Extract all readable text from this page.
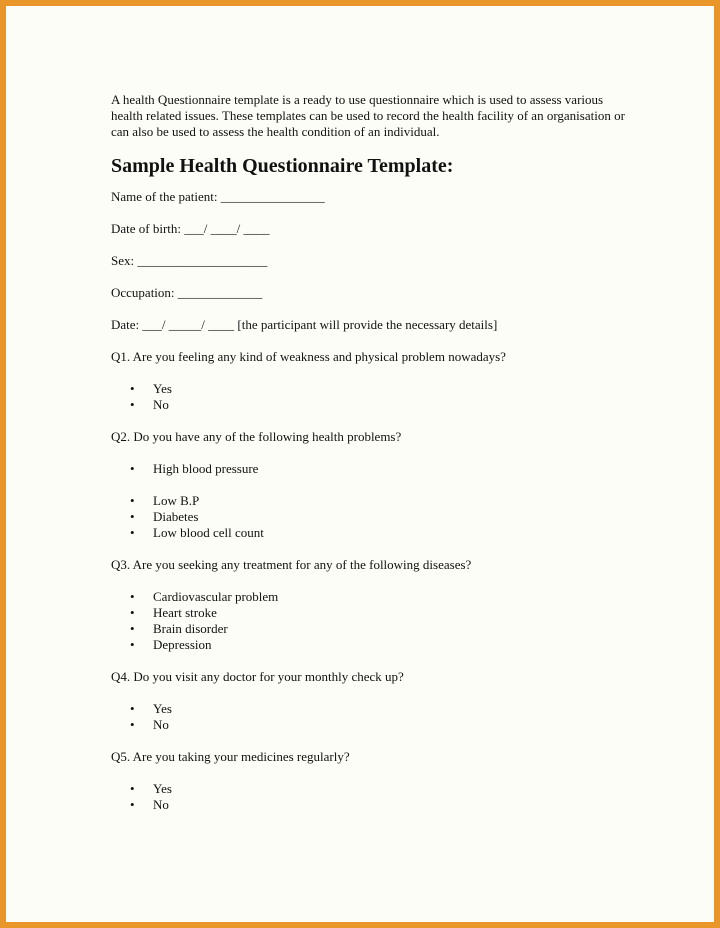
A health Questionnaire template is a ready to use questionnaire which is used to assess various health related issues. These templates can be used to record the health facility of an organisation or can also be used to assess the health condition of an individual.

Sample Health Questionnaire Template:
Name of the patient: ________________
Date of birth: ___/ ____/ ____
Sex: ____________________
Occupation: _____________
Date: ___/ _____/ ____ [the participant will provide the necessary details]
Q1. Are you feeling any kind of weakness and physical problem nowadays?
• Yes
• No
Q2. Do you have any of the following health problems?
• High blood pressure
• Low B.P
• Diabetes
• Low blood cell count
Q3. Are you seeking any treatment for any of the following diseases?
• Cardiovascular problem
• Heart stroke
• Brain disorder
• Depression
Q4. Do you visit any doctor for your monthly check up?
• Yes
• No
Q5. Are you taking your medicines regularly?
• Yes
• No
